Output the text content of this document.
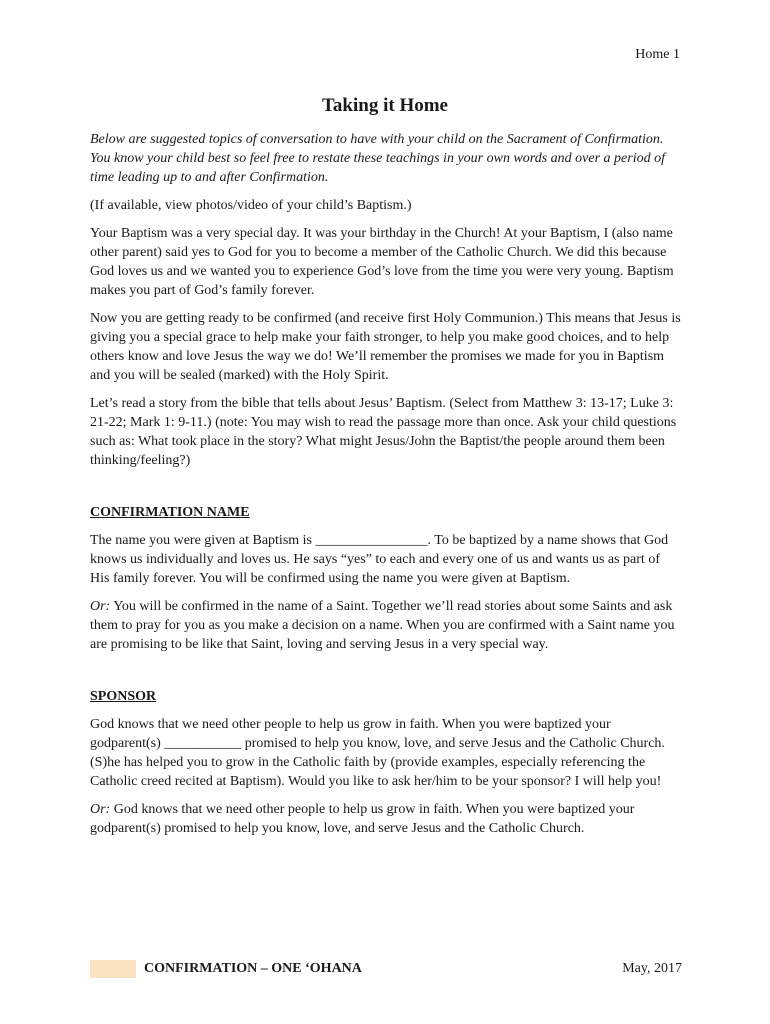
Home 1
Taking it Home

Below are suggested topics of conversation to have with your child on the Sacrament of Confirmation. You know your child best so feel free to restate these teachings in your own words and over a period of time leading up to and after Confirmation.

(If available, view photos/video of your child’s Baptism.)

Your Baptism was a very special day. It was your birthday in the Church! At your Baptism, I (also name other parent) said yes to God for you to become a member of the Catholic Church. We did this because God loves us and we wanted you to experience God’s love from the time you were very young. Baptism makes you part of God’s family forever.

Now you are getting ready to be confirmed (and receive first Holy Communion.) This means that Jesus is giving you a special grace to help make your faith stronger, to help you make good choices, and to help others know and love Jesus the way we do! We’ll remember the promises we made for you in Baptism and you will be sealed (marked) with the Holy Spirit.

Let’s read a story from the bible that tells about Jesus’ Baptism. (Select from Matthew 3: 13-17; Luke 3: 21-22; Mark 1: 9-11.) (note: You may wish to read the passage more than once. Ask your child questions such as: What took place in the story? What might Jesus/John the Baptist/the people around them been thinking/feeling?)

CONFIRMATION NAME

The name you were given at Baptism is ________________. To be baptized by a name shows that God knows us individually and loves us. He says “yes” to each and every one of us and wants us as part of His family forever. You will be confirmed using the name you were given at Baptism.

Or: You will be confirmed in the name of a Saint. Together we’ll read stories about some Saints and ask them to pray for you as you make a decision on a name. When you are confirmed with a Saint name you are promising to be like that Saint, loving and serving Jesus in a very special way.

SPONSOR

God knows that we need other people to help us grow in faith. When you were baptized your godparent(s) ___________ promised to help you know, love, and serve Jesus and the Catholic Church. (S)he has helped you to grow in the Catholic faith by (provide examples, especially referencing the Catholic creed recited at Baptism). Would you like to ask her/him to be your sponsor? I will help you!

Or: God knows that we need other people to help us grow in faith. When you were baptized your godparent(s) promised to help you know, love, and serve Jesus and the Catholic Church.

CONFIRMATION – ONE ‘OHANA	May, 2017
